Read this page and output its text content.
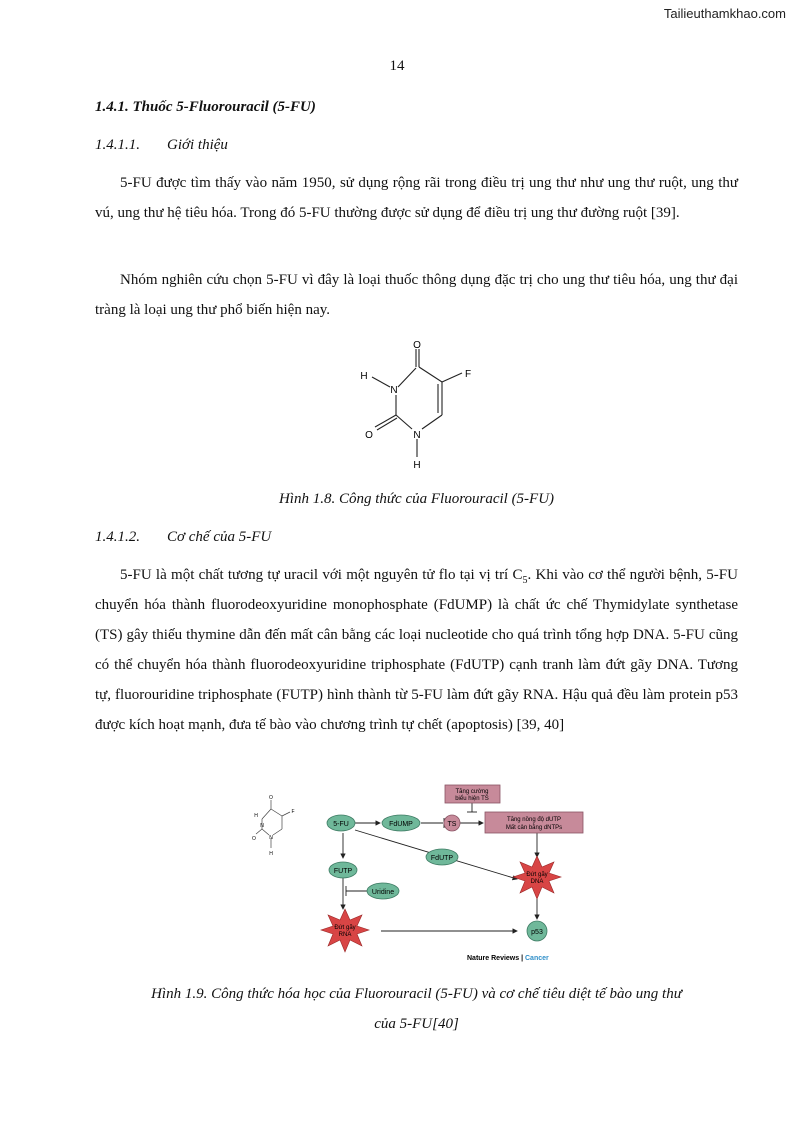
Tailieuthamkhao.com
14
1.4.1. Thuốc 5-Fluorouracil (5-FU)
1.4.1.1. Giới thiệu

5-FU được tìm thấy vào năm 1950, sử dụng rộng rãi trong điều trị ung thư như ung thư ruột, ung thư vú, ung thư hệ tiêu hóa. Trong đó 5-FU thường được sử dụng để điều trị ung thư đường ruột [39].

Nhóm nghiên cứu chọn 5-FU vì đây là loại thuốc thông dụng đặc trị cho ung thư tiêu hóa, ung thư đại tràng là loại ung thư phổ biến hiện nay.

O
F
H
N
O	N
H
Hình 1.8. Công thức của Fluorouracil (5-FU)
1.4.1.2. Cơ chế của 5-FU

5-FU là một chất tương tự uracil với một nguyên tử flo tại vị trí $C_5$. Khi vào cơ thể người bệnh, 5-FU chuyển hóa thành fluorodeoxyuridine monophosphate (FdUMP) là chất ức chế Thymidylate synthetase (TS) gây thiếu thymine dẫn đến mất cân bằng các loại nucleotide cho quá trình tổng hợp DNA. 5-FU cũng có thể chuyển hóa thành fluorodeoxyuridine triphosphate (FdUTP) cạnh tranh làm đứt gãy DNA. Tương tự, fluorouridine triphosphate (FUTP) hình thành từ 5-FU làm đứt gãy RNA. Hậu quả đều làm protein p53 được kích hoạt mạnh, đưa tế bào vào chương trình tự chết (apoptosis) [39, 40]

O
F
H
N
O	N
H
5-FU	FdUMP	TS
Tăng cường
biểu hiện TS
Tăng nồng độ dUTP
Mất cân bằng dNTPs
FdUTP
FUTP
Uridine
Đứt gãy
DNA
Đứt gãy
RNA	p53
Nature Reviews | Cancer
Hình 1.9. Công thức hóa học của Fluorouracil (5-FU) và cơ chế tiêu diệt tế bào ung thư
của 5-FU[40]
